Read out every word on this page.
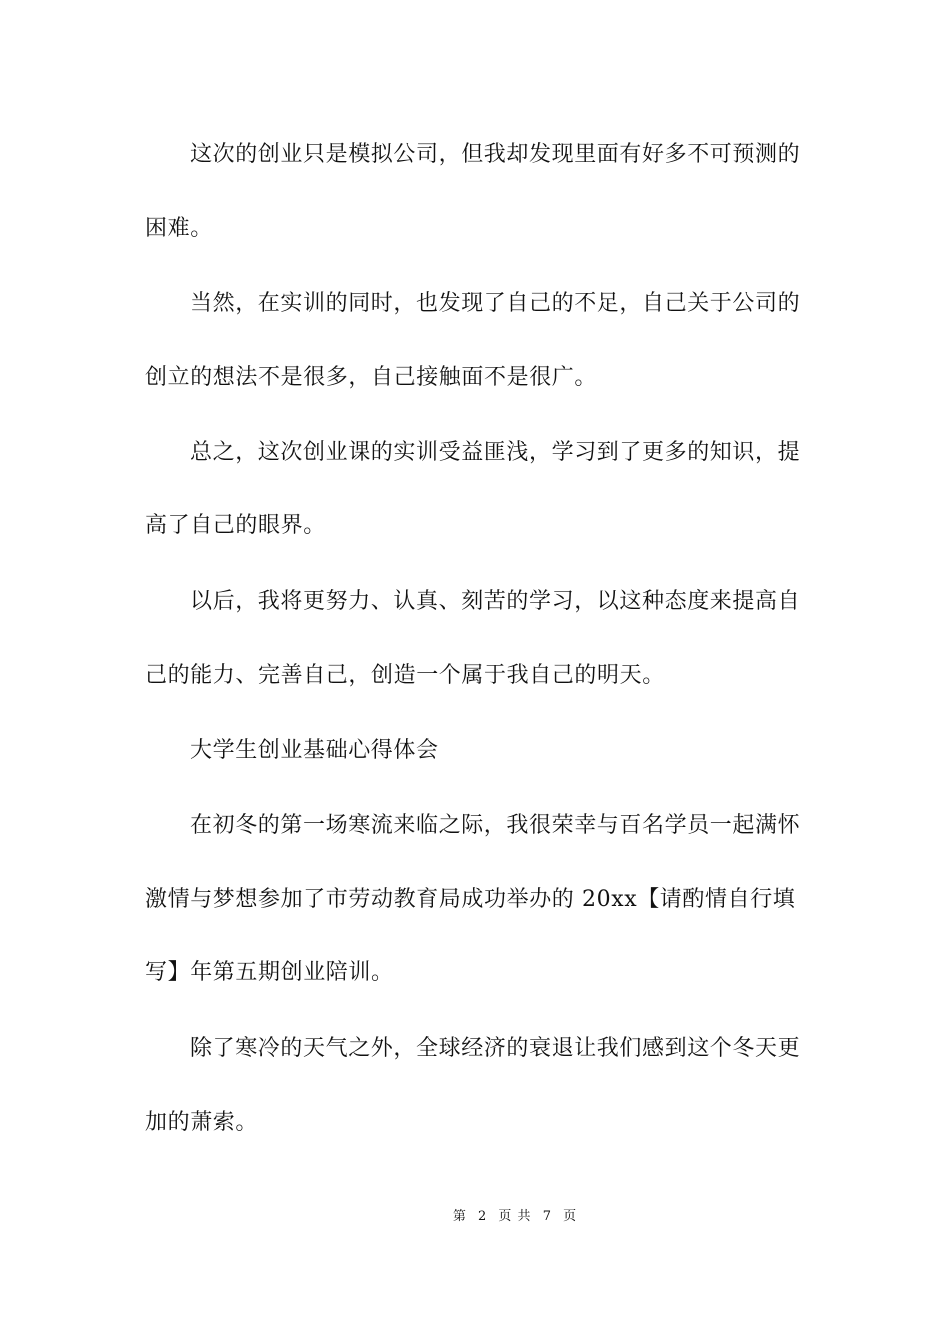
这次的创业只是模拟公司，但我却发现里面有好多不可预测的
困难。
当然，在实训的同时，也发现了自己的不足，自己关于公司的
创立的想法不是很多，自己接触面不是很广。
总之，这次创业课的实训受益匪浅，学习到了更多的知识，提
高了自己的眼界。
以后，我将更努力、认真、刻苦的学习，以这种态度来提高自
己的能力、完善自己，创造一个属于我自己的明天。
大学生创业基础心得体会
在初冬的第一场寒流来临之际，我很荣幸与百名学员一起满怀
激情与梦想参加了市劳动教育局成功举办的 20xx【请酌情自行填
写】年第五期创业陪训。
除了寒冷的天气之外，全球经济的衰退让我们感到这个冬天更
加的萧索。
第 2 页 共 7 页
